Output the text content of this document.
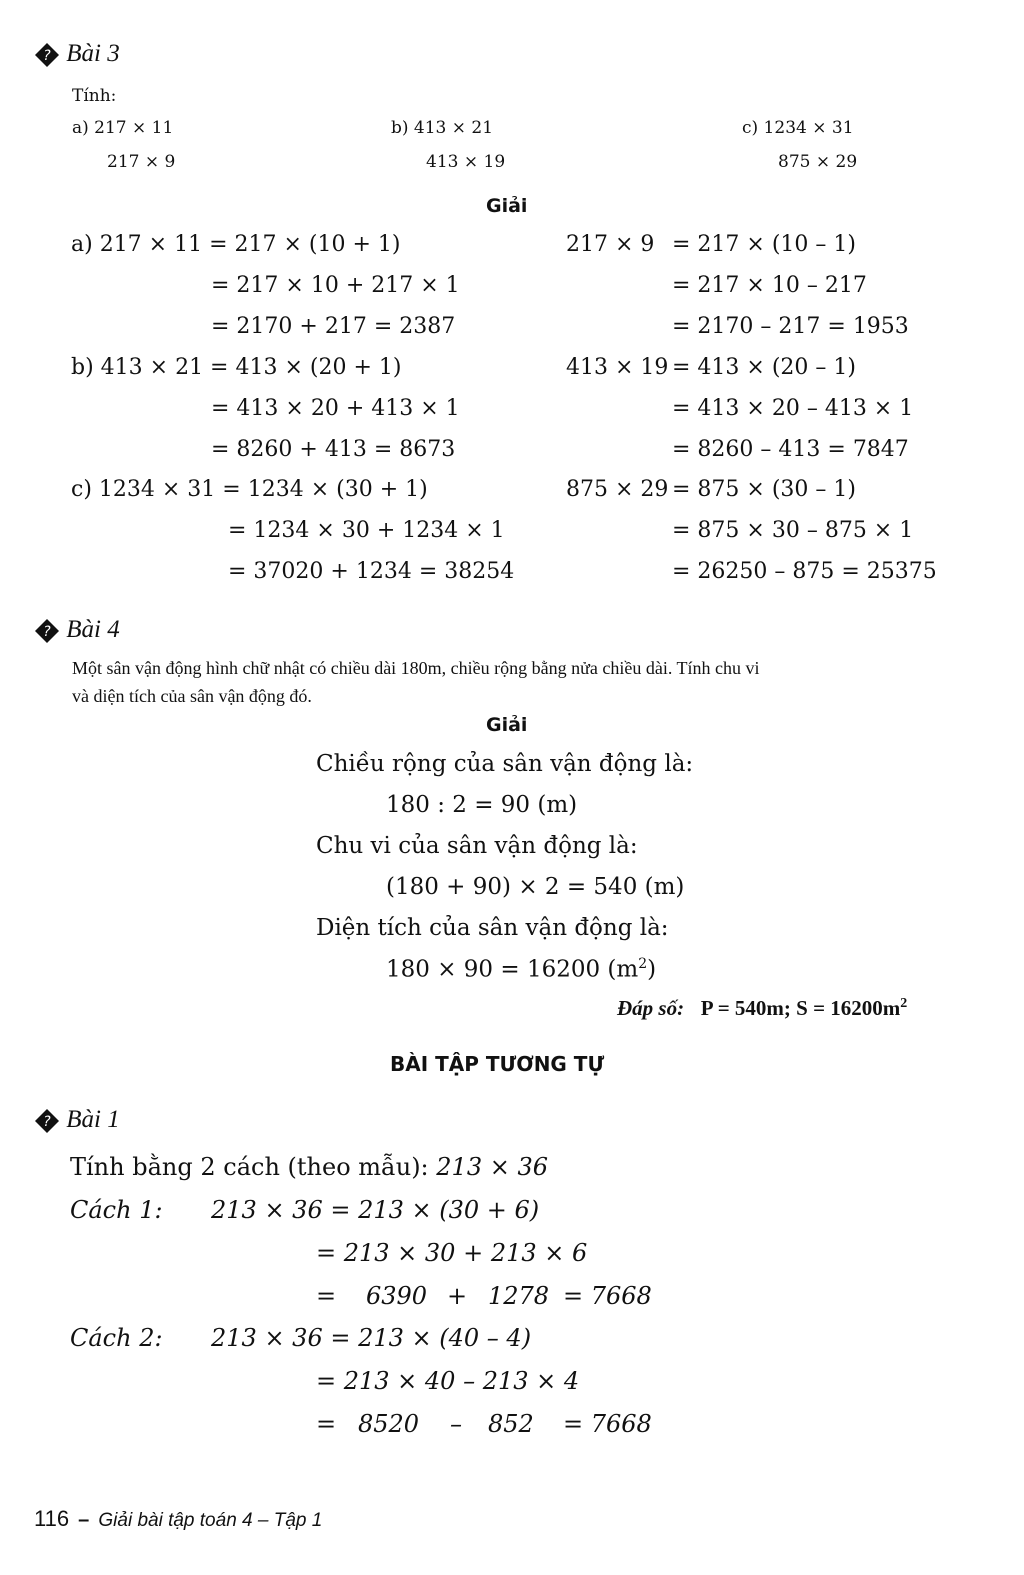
? Bài 3
Tính:
a) 217 × 11
217 × 9
b) 413 × 21
413 × 19
c) 1234 × 31
875 × 29
Giải
a) 217 × 11 = 217 × (10 + 1)
= 217 × 10 + 217 × 1
= 2170 + 217 = 2387
b) 413 × 21 = 413 × (20 + 1)
= 413 × 20 + 413 × 1
= 8260 + 413 = 8673
c) 1234 × 31 = 1234 × (30 + 1)
= 1234 × 30 + 1234 × 1
= 37020 + 1234 = 38254
217 × 9 = 217 × (10 – 1)
= 217 × 10 – 217
= 2170 – 217 = 1953
413 × 19 = 413 × (20 – 1)
= 413 × 20 – 413 × 1
= 8260 – 413 = 7847
875 × 29 = 875 × (30 – 1)
= 875 × 30 – 875 × 1
= 26250 – 875 = 25375
? Bài 4
Một sân vận động hình chữ nhật có chiều dài 180m, chiều rộng bằng nửa chiều dài. Tính chu vi
và diện tích của sân vận động đó.
Giải
Chiều rộng của sân vận động là:
180 : 2 = 90 (m)
Chu vi của sân vận động là:
(180 + 90) × 2 = 540 (m)
Diện tích của sân vận động là:
180 × 90 = 16200 $(m^2)$
Đáp số: P = 540m; $S = 16200m^2$
BÀI TẬP TƯƠNG TỰ
? Bài 1
Tính bằng 2 cách (theo mẫu): 213 × 36
Cách 1: 213 × 36 = 213 × (30 + 6)
= 213 × 30 + 213 × 6
= 6390 + 1278 = 7668
Cách 2: 213 × 36 = 213 × (40 – 4)
= 213 × 40 – 213 × 4
= 8520 – 852 = 7668
116 – Giải bài tập toán 4 – Tập 1
